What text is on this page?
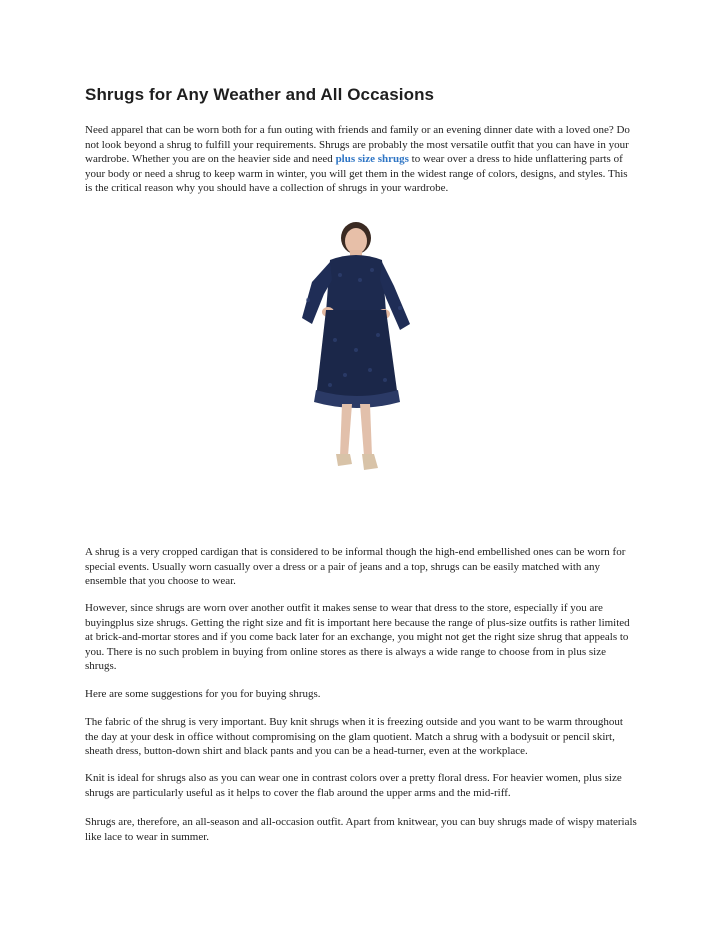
Shrugs for Any Weather and All Occasions

Need apparel that can be worn both for a fun outing with friends and family or an evening dinner date with a loved one? Do not look beyond a shrug to fulfill your requirements. Shrugs are probably the most versatile outfit that you can have in your wardrobe. Whether you are on the heavier side and need plus size shrugs to wear over a dress to hide unflattering parts of your body or need a shrug to keep warm in winter, you will get them in the widest range of colors, designs, and styles. This is the critical reason why you should have a collection of shrugs in your wardrobe.

A shrug is a very cropped cardigan that is considered to be informal though the high-end embellished ones can be worn for special events. Usually worn casually over a dress or a pair of jeans and a top, shrugs can be easily matched with any ensemble that you choose to wear.

However, since shrugs are worn over another outfit it makes sense to wear that dress to the store, especially if you are buyingplus size shrugs. Getting the right size and fit is important here because the range of plus-size outfits is rather limited at brick-and-mortar stores and if you come back later for an exchange, you might not get the right size shrug that appeals to you. There is no such problem in buying from online stores as there is always a wide range to choose from in plus size shrugs.

Here are some suggestions for you for buying shrugs.

The fabric of the shrug is very important. Buy knit shrugs when it is freezing outside and you want to be warm throughout the day at your desk in office without compromising on the glam quotient. Match a shrug with a bodysuit or pencil skirt, sheath dress, button-down shirt and black pants and you can be a head-turner, even at the workplace.

Knit is ideal for shrugs also as you can wear one in contrast colors over a pretty floral dress. For heavier women, plus size shrugs are particularly useful as it helps to cover the flab around the upper arms and the mid-riff.

Shrugs are, therefore, an all-season and all-occasion outfit. Apart from knitwear, you can buy shrugs made of wispy materials like lace to wear in summer.
